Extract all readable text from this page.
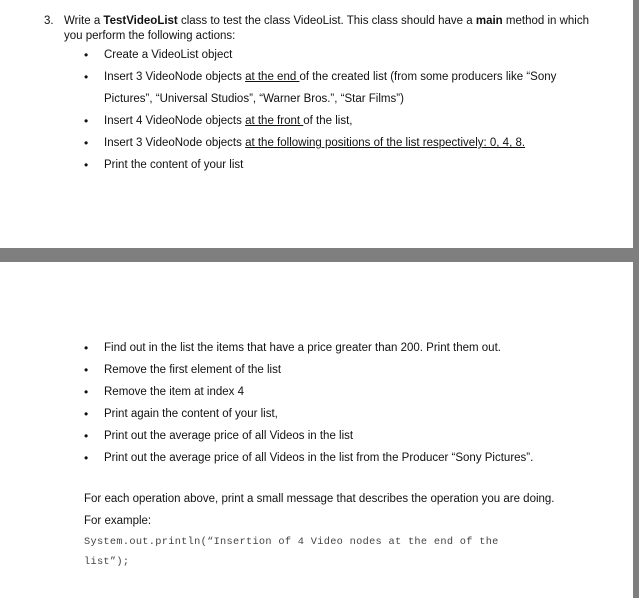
3. Write a TestVideoList class to test the class VideoList. This class should have a main method in which you perform the following actions:
• Create a VideoList object
• Insert 3 VideoNode objects at the end of the created list (from some producers like “Sony Pictures”, “Universal Studios”, “Warner Bros.”, “Star Films”)
• Insert 4 VideoNode objects at the front of the list,
• Insert 3 VideoNode objects at the following positions of the list respectively: 0, 4, 8.
• Print the content of your list
• Find out in the list the items that have a price greater than 200. Print them out.
• Remove the first element of the list
• Remove the item at index 4
• Print again the content of your list,
• Print out the average price of all Videos in the list
• Print out the average price of all Videos in the list from the Producer “Sony Pictures”.
For each operation above, print a small message that describes the operation you are doing.
For example:
System.out.println(“Insertion of 4 Video nodes at the end of the
list”);
